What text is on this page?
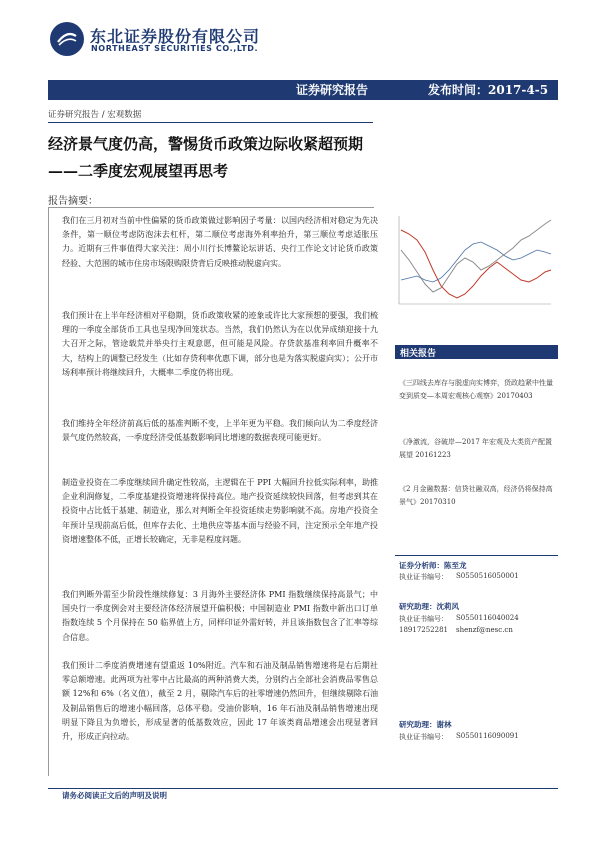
东北证券股份有限公司
NORTHEAST SECURITIES CO.,LTD.
证券研究报告	发布时间：2017-4-5
证券研究报告 / 宏观数据
经济景气度仍高，警惕货币政策边际收紧超预期——二季度宏观展望再思考
报告摘要：

我们在三月初对当前中性偏紧的货币政策做过影响因子考量：以国内经济相对稳定为先决条件，第一顺位考虑防泡沫去杠杆，第二顺位考虑海外利率抬升，第三顺位考虑适胀压力。近期有三件事值得大家关注：周小川行长博鳌论坛讲话、央行工作论文讨论货币政策经验、大范围的城市住房市场限购限贷背后反映推动脱虚向实。

我们预计在上半年经济相对平稳期，货币政策收紧的迹象或许比大家预想的要强，我们梳理的一季度全部货币工具也呈现净回笼状态。当然，我们仍然认为在以优异成绩迎接十九大召开之际，管途载荒并举央行主观意愿，但可能是风险。存贷款基准利率回升概率不大，结构上的调整已经发生（比如存贷利率优惠下调，部分也是为落实脱虚向实）；公开市场利率预计将继续回升，大概率二季度仍将出现。

我们维持全年经济前高后低的基准判断不变，上半年更为平稳。我们倾向认为二季度经济景气度仍然较高，一季度经济受低基数影响同比增速的数据表现可能更好。

制造业投资在二季度继续回升确定性较高，主逻辑在于 PPI 大幅回升拉低实际利率，助推企业利润修复，二季度基建投资增速将保持高位。地产投资延续较快回落，但考虑到其在投资中占比低于基建、制造业，那么对判断全年投资延续走势影响就不高。房地产投资全年预计呈现前高后低，但库存去化、土地供应等基本面与经验不同，注定预示全年地产投资增速整体不低，正增长较确定，无非是程度问题。

我们判断外需至少阶段性继续修复：3 月海外主要经济体 PMI 指数继续保持高景气；中国央行一季度例会对主要经济体经济展望开偏积极；中国制造业 PMI 指数中新出口订单指数连续 5 个月保持在 50 临界值上方，同样印证外需好转，并且该指数包含了汇率等综合信息。

我们预计二季度消费增速有望重返 10%附近。汽车和石油及制品销售增速将是右后期社零总额增速。此两项为社零中占比最高的两种消费大类，分别约占全部社会消费品零售总额 12%和 6%（名义值），截至 2 月，剔除汽车后的社零增速仍然回升，但继续剔除石油及制品销售后的增速小幅回落，总体平稳。受油价影响，16 年石油及制品销售增速出现明显下降且为负增长，形成显著的低基数效应，因此 17 年该类商品增速会出现显著回升，形成正向拉动。

相关报告

《三四线去库存与脱虚向实博弈，货政趋紧中性量变到质变—本周宏观核心观察》20170403

《净激流，谷破岸—2017 年宏观及大类资产配置展望 20161223

《2 月金融数据：信贷社融双高，经济仍将保持高景气》20170310

证券分析师：陈至龙
执业证书编号： S0550516050001
研究助理：沈莉风
执业证书编号： S0550116040024
18917252281 shenzf@nesc.cn
研究助理：谢林
执业证书编号： S0550116090091
请务必阅读正文后的声明及说明
